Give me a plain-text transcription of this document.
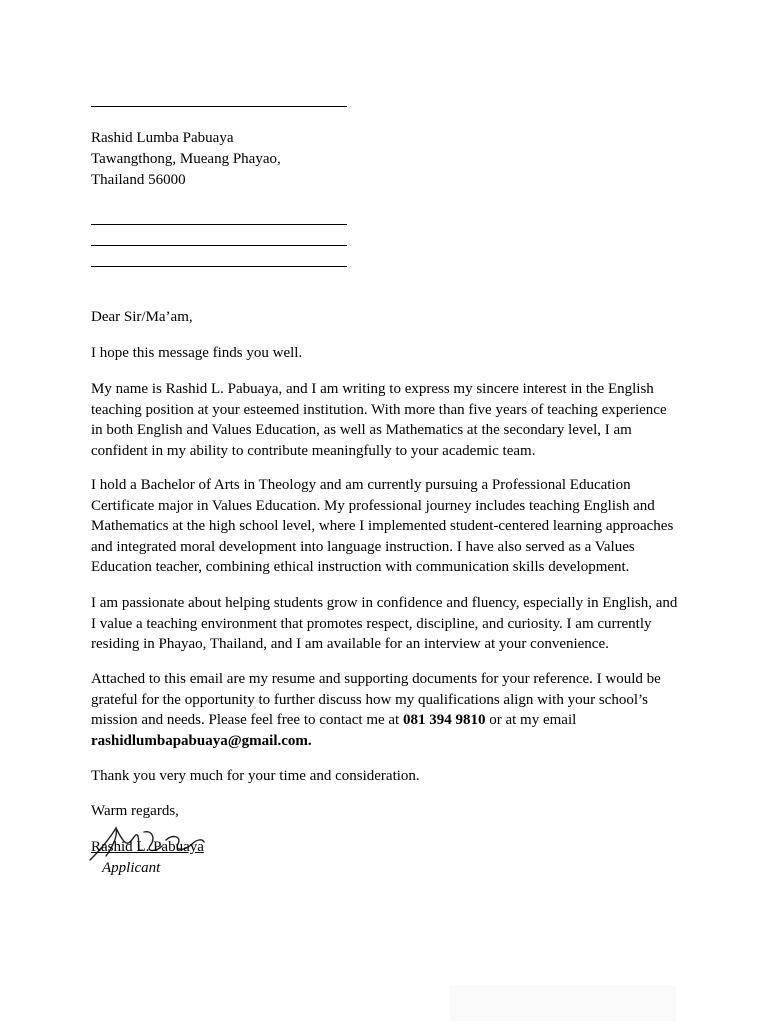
Rashid Lumba Pabuaya
Tawangthong, Mueang Phayao,
Thailand 56000

Dear Sir/Ma’am,

I hope this message finds you well.

My name is Rashid L. Pabuaya, and I am writing to express my sincere interest in the English teaching position at your esteemed institution. With more than five years of teaching experience in both English and Values Education, as well as Mathematics at the secondary level, I am confident in my ability to contribute meaningfully to your academic team.

I hold a Bachelor of Arts in Theology and am currently pursuing a Professional Education Certificate major in Values Education. My professional journey includes teaching English and Mathematics at the high school level, where I implemented student-centered learning approaches and integrated moral development into language instruction. I have also served as a Values Education teacher, combining ethical instruction with communication skills development.

I am passionate about helping students grow in confidence and fluency, especially in English, and I value a teaching environment that promotes respect, discipline, and curiosity. I am currently residing in Phayao, Thailand, and I am available for an interview at your convenience.

Attached to this email are my resume and supporting documents for your reference. I would be grateful for the opportunity to further discuss how my qualifications align with your school’s mission and needs. Please feel free to contact me at 081 394 9810 or at my email
rashidlumbapabuaya@gmail.com.

Thank you very much for your time and consideration.

Warm regards,

Rashid L. Pabuaya
Applicant
